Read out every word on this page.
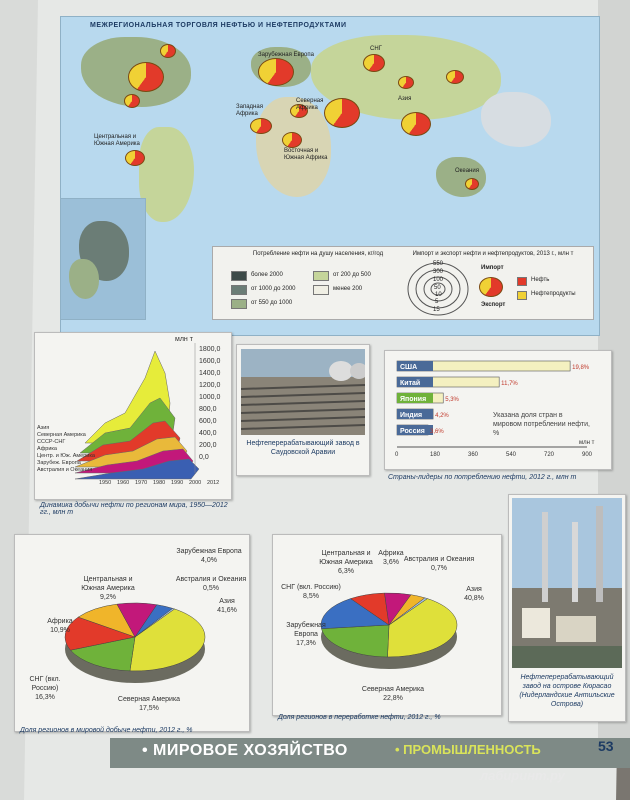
МЕЖРЕГИОНАЛЬНАЯ ТОРГОВЛЯ НЕФТЬЮ И НЕФТЕПРОДУКТАМИ
Зарубежная Европа
СНГ
Азия
Западная Африка
Центральная и Южная Америка
Северная Африка
Восточная и Южная Африка
Океания
Потребление нефти на душу населения, кг/год
более 2000
от 1000 до 2000
от 550 до 1000
от 200 до 500
менее 200
Импорт и экспорт нефти и нефтепродуктов, 2013 г., млн т
550
300
100
50
10
5
15
Импорт
Экспорт
Нефть
Нефтепродукты
млн т
1800,0
1600,0
1400,0
1200,0
1000,0
800,0
600,0
400,0
200,0
0,0
Азия
Северная Америка
СССР-СНГ
Африка
Центр. и Юж. Америка
Зарубеж. Европа
Австралия и Океания
1950 1960 1970 1980 1990 2000 2012
Динамика добычи нефти по регионам мира, 1950—2012 гг., млн т
Нефтеперерабатывающий завод в Саудовской Аравии
США	19,8%
Китай	11,7%
Япония	5,3%
Индия 4,2%
Россия 3,6%
Указана доля стран в мировом потреблении нефти, %
млн т
0	180	360	540	720	900
Страны-лидеры по потреблению нефти, 2012 г., млн т
Зарубежная Европа
4,0%
Австралия и Океания
0,5%
Азия
41,6%
Центральная и Южная Америка
9,2%
Африка
10,9%
СНГ (вкл. Россию)
16,3%	Северная Америка
17,5%
Доля регионов в мировой добыче нефти, 2012 г., %
Центральная и Южная Америка
6,3%
Африка
3,6% Австралия и Океания
0,7%
Азия
40,8%
СНГ (вкл. Россию)
8,5%
Зарубежная Европа
17,3%
Северная Америка
22,8%
Доля регионов в переработке нефти, 2012 г., %
Нефтеперерабатывающий завод на острове Кюрасао (Нидерландские Антильские Острова)
• МИРОВОЕ ХОЗЯЙСТВО	• ПРОМЫШЛЕННОСТЬ	53
лабиринт.ру
